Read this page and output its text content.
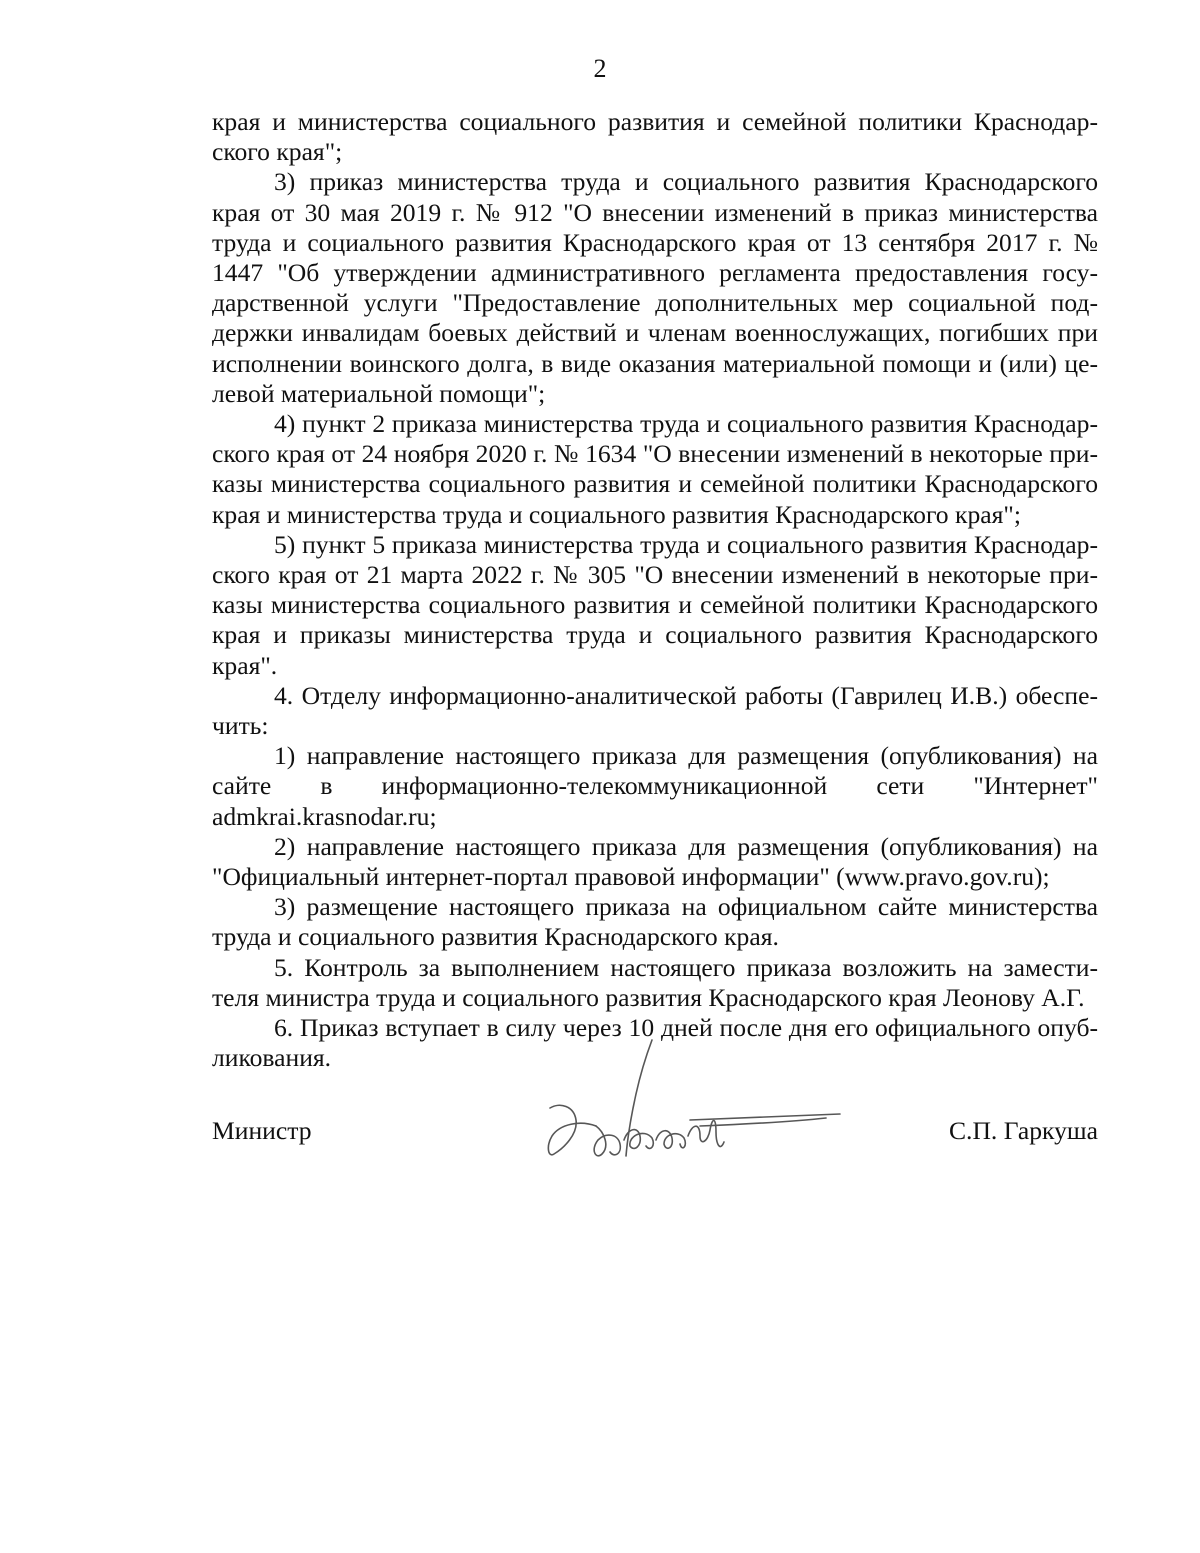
2

края и министерства социального развития и семейной политики Краснодарского края";

3) приказ министерства труда и социального развития Краснодарского края от 30 мая 2019 г. № 912 "О внесении изменений в приказ министерства труда и социального развития Краснодарского края от 13 сентября 2017 г. № 1447 "Об утверждении административного регламента предоставления государственной услуги "Предоставление дополнительных мер социальной поддержки инвалидам боевых действий и членам военнослужащих, погибших при исполнении воинского долга, в виде оказания материальной помощи и (или) целевой материальной помощи";

4) пункт 2 приказа министерства труда и социального развития Краснодарского края от 24 ноября 2020 г. № 1634 "О внесении изменений в некоторые приказы министерства социального развития и семейной политики Краснодарского края и министерства труда и социального развития Краснодарского края";

5) пункт 5 приказа министерства труда и социального развития Краснодарского края от 21 марта 2022 г. № 305 "О внесении изменений в некоторые приказы министерства социального развития и семейной политики Краснодарского края и приказы министерства труда и социального развития Краснодарского края".

4. Отделу информационно-аналитической работы (Гаврилец И.В.) обеспечить:

1) направление настоящего приказа для размещения (опубликования) на сайте в информационно-телекоммуникационной сети "Интернет" admkrai.krasnodar.ru;

2) направление настоящего приказа для размещения (опубликования) на "Официальный интернет-портал правовой информации" (www.pravo.gov.ru);

3) размещение настоящего приказа на официальном сайте министерства труда и социального развития Краснодарского края.

5. Контроль за выполнением настоящего приказа возложить на заместителя министра труда и социального развития Краснодарского края Леонову А.Г.

6. Приказ вступает в силу через 10 дней после дня его официального опубликования.

Министр	С.П. Гаркуша
